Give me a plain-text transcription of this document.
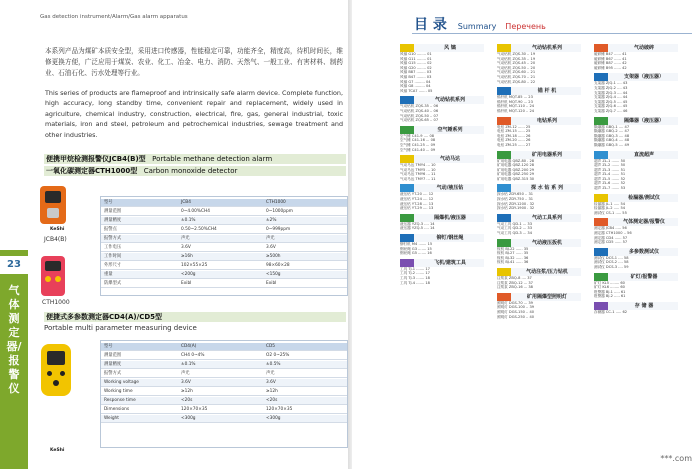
Gas detection instrument/Alarm/Gas alarm apparatus
本系列产品为煤矿本质安全型，采用进口传感器，性能稳定可靠，功能齐全，精度高，待机时间长，维修更换方便，广泛应用于煤炭、农业、化工、冶金、电力、消防、天然气、一般工业、有害材料、制药业、石油石化、污水处理等行业。
This series of products are flameproof and intrinsically safe alarm device. Complete function, high accuracy, long standby time, convenient repair and replacement, widely used in agriculture, chemical industry, construction, electrical, fire, gas, general industrial, toxic materials, iron and steel, petroleum and petrochemical industries, sewage treatment and other industries.
便携甲烷检测报警仪JCB4(B)型 Portable methane detection alarm
一氧化碳测定器CTH1000型 Carbon monoxide detector
KeShi
JCB4(B)
CTH1000
型号	JCB4	CTH1000
测量范围	0~4.00%CH4	0~1000ppm
测量精度	±0.1%	±2%
报警点	0.50~2.50%CH4	0~999ppm
报警方式	声光	声光
工作电压	3.6V	3.6V
工作时间	≥16h	≥500h
外形尺寸	102×55×25	98×60×28
重量	<200g	<150g
防爆型式	ExibI	ExibI
23
气体测定器/报警仪
便捷式多参数测定器CD4(A)/CD5型
Portable multi parameter measuring device
KeShi
型号	CD4(A)	CD5
测量范围	CH4 0~4%	O2 0~25%
测量精度	±0.1%	±0.5%
报警方式	声光	声光
Working voltage	3.6V	3.6V
Working time	≥12h	≥12h
Response time	<20s	<20s
Dimensions	120×70×35	120×70×35
Weight	<300g	<300g
目 录 Summary Перечень
风 镐
风镐 G10 ........ 01
风镐 G11 ........ 01
风镐 G15 ........ 02
风镐 G20 ........ 02
风镐 B87 ........ 03
风镐 B47 ........ 03
风镐 G7 ......... 04
风镐 G8 ......... 04
风镐 TCA7 ....... 05
气动钻机系列
气动钻机 ZQS-35 .. 06
气动钻机 ZQS-40 .. 06
气动钻机 ZQS-50 .. 07
气动钻机 ZQS-65 .. 07
空气锤系列
空气锤 C41-9 .... 08
空气锤 C41-16 ... 08
空气锤 C41-25 ... 09
空气锤 C41-40 ... 09
气动马达
气动马达 TMY4 ... 10
气动马达 TMY5 ... 10
气动马达 TMY6 ... 11
气动马达 TMY7 ... 11
气动/液压钻
液压钻 YT-20 .... 12
液压钻 YT-24 .... 12
液压钻 YT-28 .... 13
液压钻 YT-29 .... 13
隔爆机/液压器
液压器 YZQ-3 .... 14
液压器 YZQ-5 .... 14
铆钉/钢丝绳
铆钉机 M4 ....... 15
钢丝绳 G3 ....... 15
钢丝绳 G5 ....... 16
飞机/建筑工具
工具 TJ-1 ....... 17
工具 TJ-2 ....... 17
工具 TJ-3 ....... 18
工具 TJ-4 ....... 18
气动钻机系列
气动钻机 ZQS-30 .. 19
气动钻机 ZQS-35 .. 19
气动钻机 ZQS-45 .. 20
气动钻机 ZQS-50 .. 20
气动钻机 ZQS-60 .. 21
气动钻机 ZQS-70 .. 21
气动钻机 ZQS-80 .. 22
锚 杆 机
锚杆机 MQT-85 ... 23
锚杆机 MQT-90 ... 23
锚杆机 MQT-110 .. 24
锚杆机 MQT-120 .. 24
电钻系列
电钻 ZM-12 ...... 25
电钻 ZM-15 ...... 25
电钻 ZM-18 ...... 26
电钻 ZM-20 ...... 26
电钻 ZM-25 ...... 27
矿用电器系列
矿用电器 QBZ-80 . 28
矿用电器 QBZ-120 28
矿用电器 QBZ-200 29
矿用电器 QBZ-250 29
矿用电器 QBZ-315 30
探 水 钻 系 列
探水钻 ZDY-650 .. 31
探水钻 ZDY-750 .. 31
探水钻 ZDY-1200 . 32
探水钻 ZDY-1900 . 32
气动工具系列
气动工具 QD-1 ... 33
气动工具 QD-2 ... 33
气动工具 QD-3 ... 34
气动液压扳机
扳机 BJ-22 ...... 35
扳机 BJ-27 ...... 35
扳机 BJ-32 ...... 36
扳机 BJ-41 ...... 36
气动注浆/压力钻机
注浆泵 ZBQ-8 .... 37
注浆泵 ZBQ-12 ... 37
注浆泵 ZBQ-16 ... 38
矿用隔爆型照明灯
照明灯 DGS-70 ... 39
照明灯 DGS-100 .. 39
照明灯 DGS-150 .. 40
照明灯 DGS-250 .. 40
气动破碎
破碎锤 B47 ...... 41
破碎锤 B67 ...... 41
破碎锤 B87 ...... 42
破碎锤 B95 ...... 42
支架器（液压器）
支架器 ZJQ-1 .... 43
支架器 ZJQ-2 .... 43
支架器 ZJQ-3 .... 44
支架器 ZJQ-4 .... 44
支架器 ZJQ-5 .... 45
支架器 ZJQ-6 .... 45
支架器 ZJQ-7 .... 46
隔爆器（液压器）
隔爆器 GBQ-1 .... 47
隔爆器 GBQ-2 .... 47
隔爆器 GBQ-3 .... 48
隔爆器 GBQ-4 .... 48
隔爆器 GBQ-5 .... 49
直流超声
超声 ZL-1 ....... 50
超声 ZL-2 ....... 50
超声 ZL-3 ....... 51
超声 ZL-4 ....... 51
超声 ZL-5 ....... 52
超声 ZL-6 ....... 52
超声 ZL-7 ....... 53
检漏器/测试仪
检漏器 JL-1 ..... 54
检漏器 JL-2 ..... 54
测试仪 CS-1 ..... 55
气体测定器/报警仪
测定器 JCB4 ..... 56
测定器 CTH1000 .. 56
测定器 CD4 ...... 57
测定器 CD5 ...... 57
多参数测试仪
测试仪 DCS-1 .... 58
测试仪 DCS-2 .... 58
测试仪 DCS-3 .... 59
矿灯/报警器
矿灯 KL5 ........ 60
矿灯 KL6 ........ 60
报警器 BJ-1 ..... 61
报警器 BJ-2 ..... 61
存 储 器
存储器 CC-1 ..... 62
***.com
